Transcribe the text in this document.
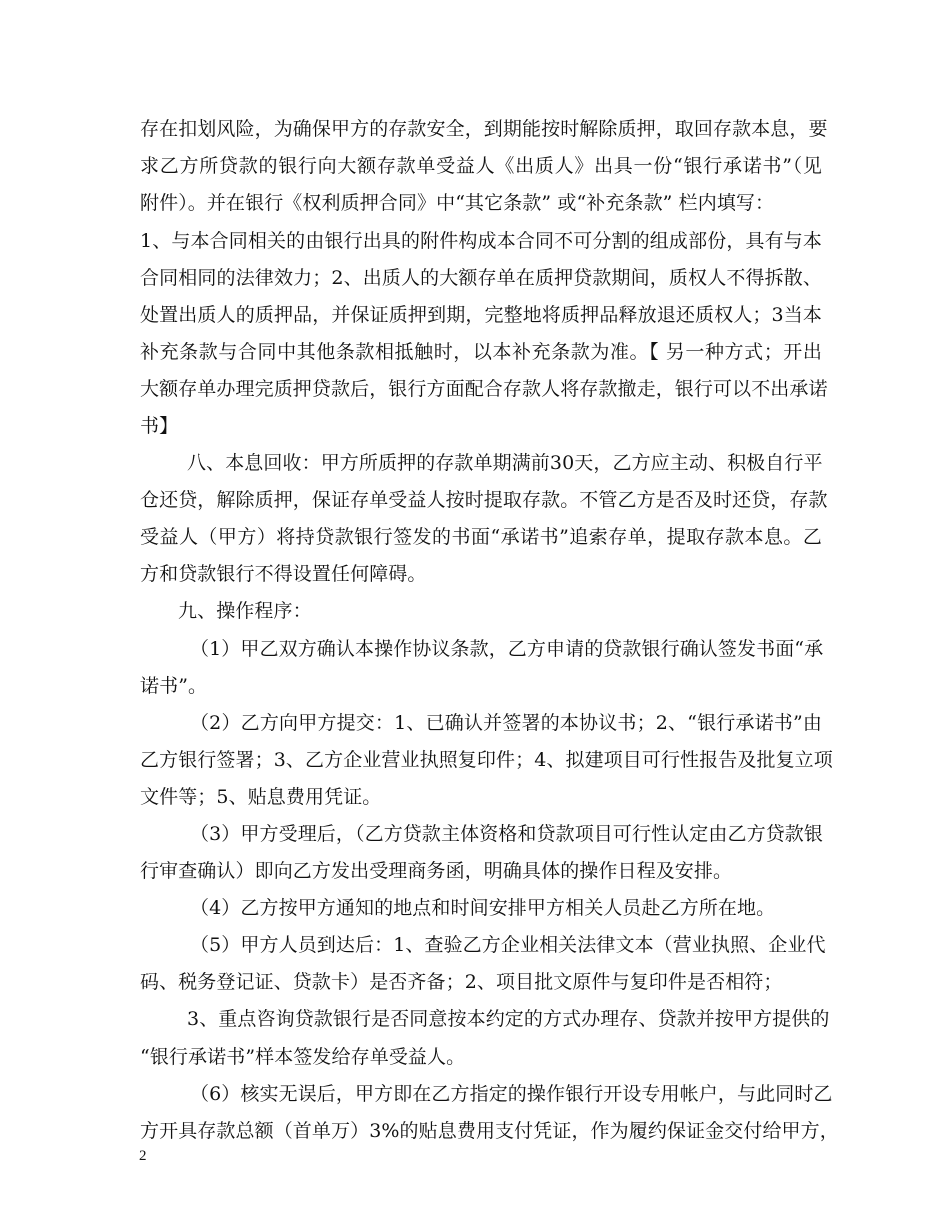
存在扣划风险，为确保甲方的存款安全，到期能按时解除质押，取回存款本息，要
求乙方所贷款的银行向大额存款单受益人《出质人》出具一份“银行承诺书”（见
附件）。并在银行《权利质押合同》中“其它条款” 或“补充条款” 栏内填写：
1、与本合同相关的由银行出具的附件构成本合同不可分割的组成部份，具有与本
合同相同的法律效力；2、出质人的大额存单在质押贷款期间，质权人不得拆散、
处置出质人的质押品，并保证质押到期，完整地将质押品释放退还质权人；3当本
补充条款与合同中其他条款相抵触时，以本补充条款为准。【 另一种方式；开出
大额存单办理完质押贷款后，银行方面配合存款人将存款撤走，银行可以不出承诺
书】
八、本息回收：甲方所质押的存款单期满前30天，乙方应主动、积极自行平
仓还贷，解除质押，保证存单受益人按时提取存款。不管乙方是否及时还贷，存款
受益人（甲方）将持贷款银行签发的书面“承诺书”追索存单，提取存款本息。乙
方和贷款银行不得设置任何障碍。
九、操作程序：
（1）甲乙双方确认本操作协议条款，乙方申请的贷款银行确认签发书面“承
诺书”。
（2）乙方向甲方提交：1、已确认并签署的本协议书；2、“银行承诺书”由
乙方银行签署；3、乙方企业营业执照复印件；4、拟建项目可行性报告及批复立项
文件等；5、贴息费用凭证。
（3）甲方受理后，（乙方贷款主体资格和贷款项目可行性认定由乙方贷款银
行审查确认）即向乙方发出受理商务函，明确具体的操作日程及安排。
（4）乙方按甲方通知的地点和时间安排甲方相关人员赴乙方所在地。
（5）甲方人员到达后：1、查验乙方企业相关法律文本（营业执照、企业代
码、税务登记证、贷款卡）是否齐备；2、项目批文原件与复印件是否相符；
3、重点咨询贷款银行是否同意按本约定的方式办理存、贷款并按甲方提供的
“银行承诺书”样本签发给存单受益人。
（6）核实无误后，甲方即在乙方指定的操作银行开设专用帐户，与此同时乙
方开具存款总额（首单万）3%的贴息费用支付凭证，作为履约保证金交付给甲方，
2
